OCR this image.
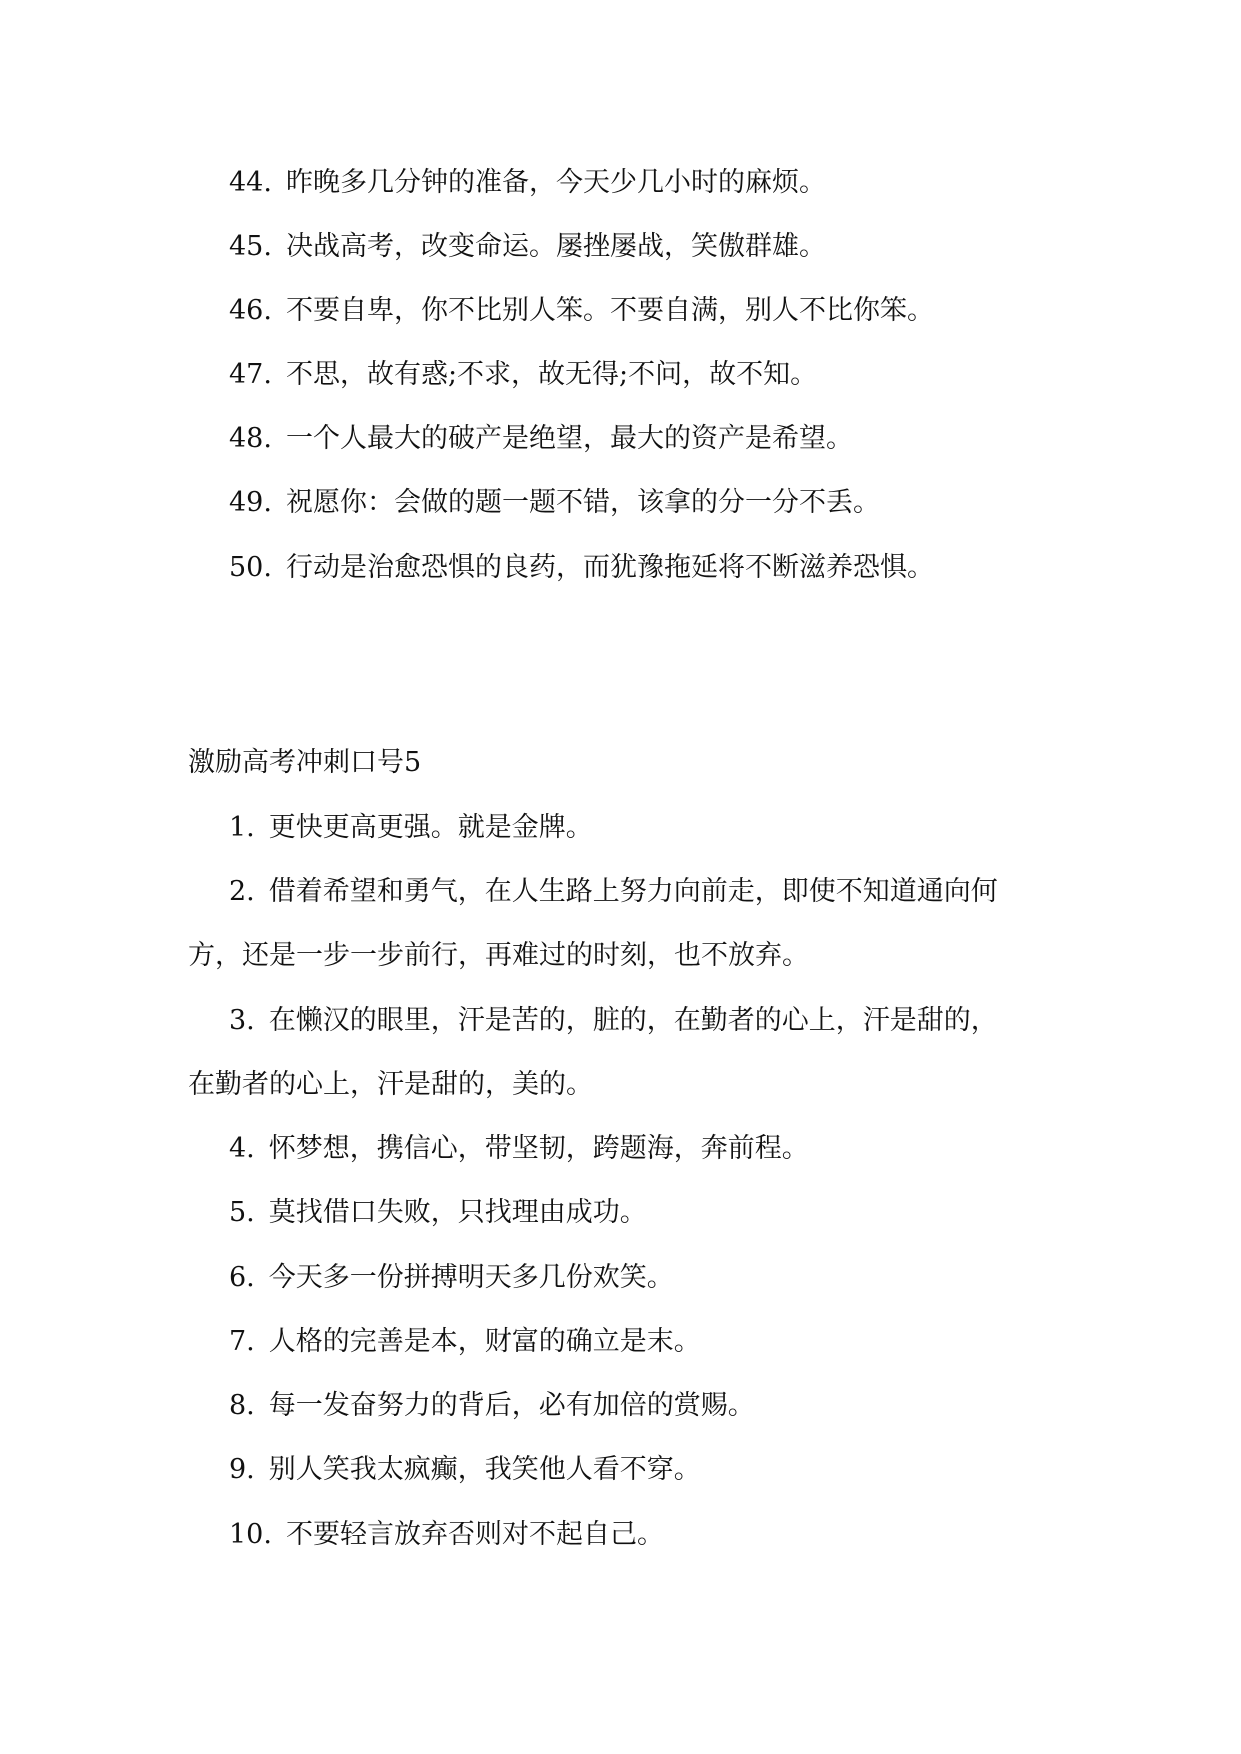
44. 昨晚多几分钟的准备，今天少几小时的麻烦。
45. 决战高考，改变命运。屡挫屡战，笑傲群雄。
46. 不要自卑，你不比别人笨。不要自满，别人不比你笨。
47. 不思，故有惑;不求，故无得;不问，故不知。
48. 一个人最大的破产是绝望，最大的资产是希望。
49. 祝愿你：会做的题一题不错，该拿的分一分不丢。
50. 行动是治愈恐惧的良药，而犹豫拖延将不断滋养恐惧。
激励高考冲刺口号5
1. 更快更高更强。就是金牌。
2. 借着希望和勇气，在人生路上努力向前走，即使不知道通向何
方，还是一步一步前行，再难过的时刻，也不放弃。
3. 在懒汉的眼里，汗是苦的，脏的，在勤者的心上，汗是甜的，
在勤者的心上，汗是甜的，美的。
4. 怀梦想，携信心，带坚韧，跨题海，奔前程。
5. 莫找借口失败，只找理由成功。
6. 今天多一份拼搏明天多几份欢笑。
7. 人格的完善是本，财富的确立是末。
8. 每一发奋努力的背后，必有加倍的赏赐。
9. 别人笑我太疯癫，我笑他人看不穿。
10. 不要轻言放弃否则对不起自己。
